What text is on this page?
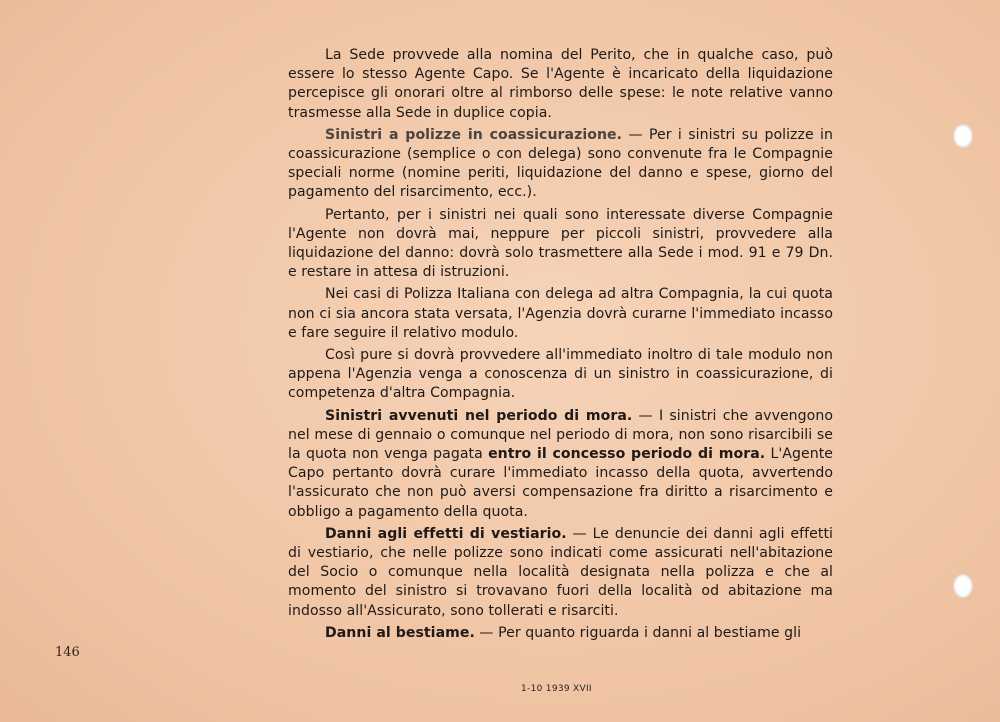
La Sede provvede alla nomina del Perito, che in qualche caso, può essere lo stesso Agente Capo. Se l'Agente è incaricato della liquidazione percepisce gli onorari oltre al rimborso delle spese: le note relative vanno trasmesse alla Sede in duplice copia.

Sinistri a polizze in coassicurazione. — Per i sinistri su polizze in coassicurazione (semplice o con delega) sono convenute fra le Compagnie speciali norme (nomine periti, liquidazione del danno e spese, giorno del pagamento del risarcimento, ecc.).

Pertanto, per i sinistri nei quali sono interessate diverse Compagnie l'Agente non dovrà mai, neppure per piccoli sinistri, provvedere alla liquidazione del danno: dovrà solo trasmettere alla Sede i mod. 91 e 79 Dn. e restare in attesa di istruzioni.

Nei casi di Polizza Italiana con delega ad altra Compagnia, la cui quota non ci sia ancora stata versata, l'Agenzia dovrà curarne l'immediato incasso e fare seguire il relativo modulo.

Così pure si dovrà provvedere all'immediato inoltro di tale modulo non appena l'Agenzia venga a conoscenza di un sinistro in coassicurazione, di competenza d'altra Compagnia.

Sinistri avvenuti nel periodo di mora. — I sinistri che avvengono nel mese di gennaio o comunque nel periodo di mora, non sono risarcibili se la quota non venga pagata entro il concesso periodo di mora. L'Agente Capo pertanto dovrà curare l'immediato incasso della quota, avvertendo l'assicurato che non può aversi compensazione fra diritto a risarcimento e obbligo a pagamento della quota.

Danni agli effetti di vestiario. — Le denuncie dei danni agli effetti di vestiario, che nelle polizze sono indicati come assicurati nell'abitazione del Socio o comunque nella località designata nella polizza e che al momento del sinistro si trovavano fuori della località od abitazione ma indosso all'Assicurato, sono tollerati e risarciti.

Danni al bestiame. — Per quanto riguarda i danni al bestiame gli

146
1-10 1939 XVII
